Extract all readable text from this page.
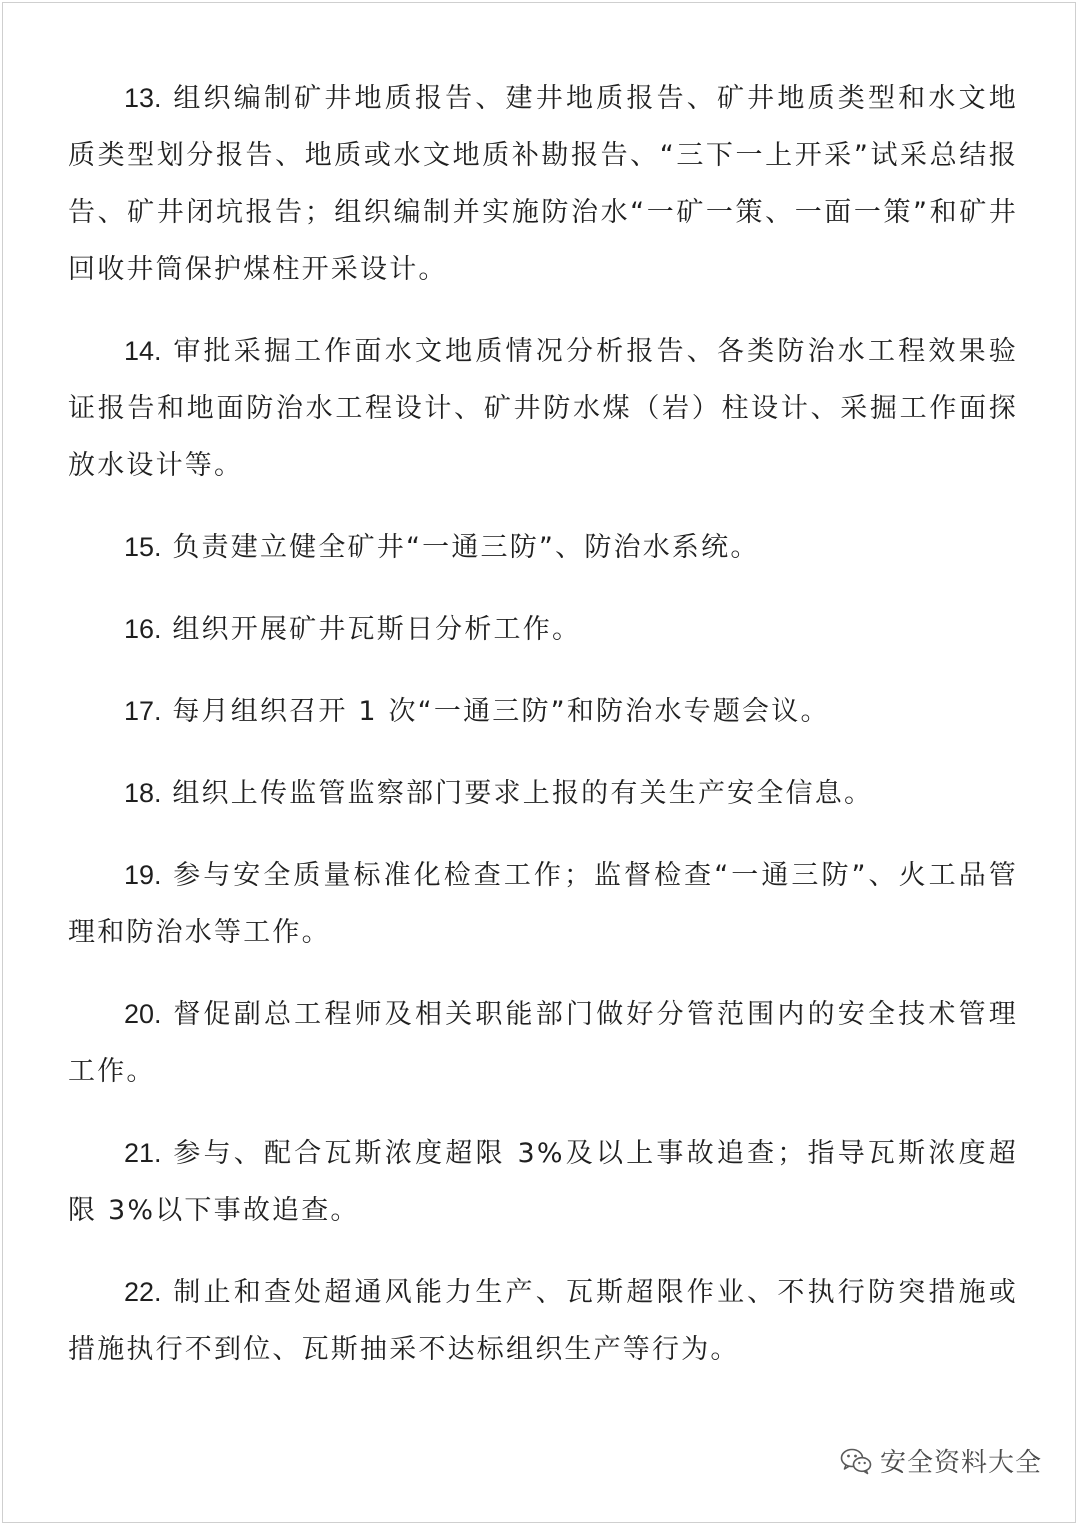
13. 组织编制矿井地质报告、建井地质报告、矿井地质类型和水文地质类型划分报告、地质或水文地质补勘报告、“三下一上开采”试采总结报告、矿井闭坑报告；组织编制并实施防治水“一矿一策、一面一策”和矿井回收井筒保护煤柱开采设计。

14. 审批采掘工作面水文地质情况分析报告、各类防治水工程效果验证报告和地面防治水工程设计、矿井防水煤（岩）柱设计、采掘工作面探放水设计等。

15. 负责建立健全矿井“一通三防”、防治水系统。

16. 组织开展矿井瓦斯日分析工作。

17. 每月组织召开 1 次“一通三防”和防治水专题会议。

18. 组织上传监管监察部门要求上报的有关生产安全信息。

19. 参与安全质量标准化检查工作；监督检查“一通三防”、火工品管理和防治水等工作。

20. 督促副总工程师及相关职能部门做好分管范围内的安全技术管理工作。

21. 参与、配合瓦斯浓度超限 3%及以上事故追查；指导瓦斯浓度超限 3%以下事故追查。

22. 制止和查处超通风能力生产、瓦斯超限作业、不执行防突措施或措施执行不到位、瓦斯抽采不达标组织生产等行为。

安全资料大全
